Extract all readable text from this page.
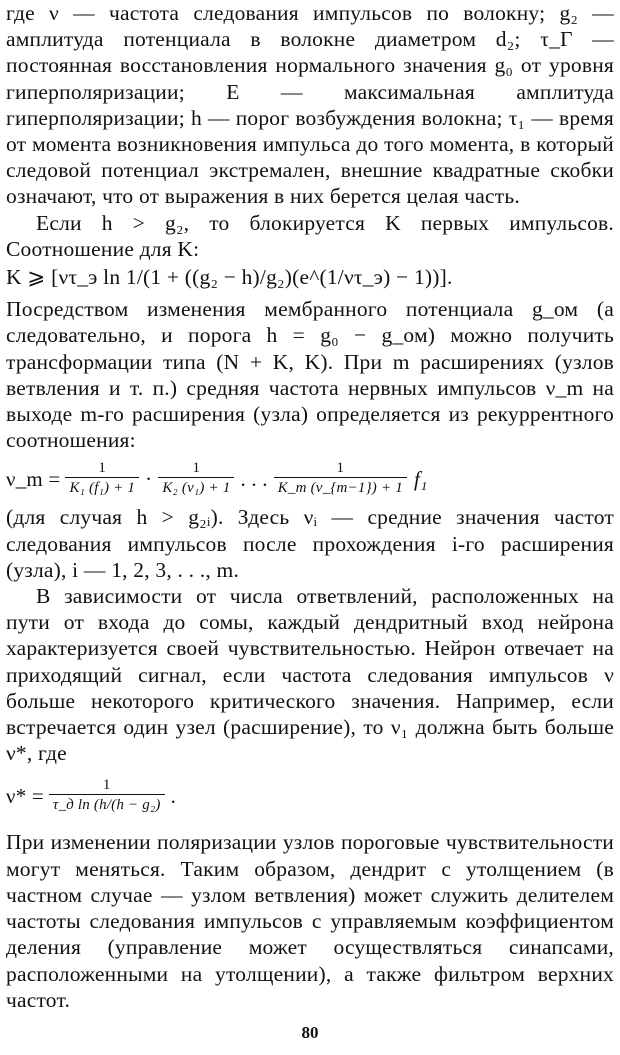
где ν — частота следования импульсов по волокну; g₂ — амплитуда потенциала в волокне диаметром d₂; τ_Г — постоянная восстановления нормального значения g₀ от уровня гиперполяризации; E — максимальная амплитуда гиперполяризации; h — порог возбуждения волокна; τ₁ — время от момента возникновения импульса до того момента, в который следовой потенциал экстремален, внешние квадратные скобки означают, что от выражения в них берется целая часть.

Если h > g₂, то блокируется K первых импульсов. Соотношение для K:

K ⩾ [ντ_э ln 1/(1 + ((g₂ − h)/g₂)(e^(1/ντ_э) − 1))].

Посредством изменения мембранного потенциала g_ом (а следовательно, и порога h = g₀ − g_ом) можно получить трансформации типа (N + K, K). При m расширениях (узлов ветвления и т. п.) средняя частота нервных импульсов ν_m на выходе m-го расширения (узла) определяется из рекуррентного соотношения:

ν_m = $\frac{1}{\text{K₁ (f₁) + 1}} \cdot \frac{1}{\text{K₂ (ν₁) + 1}}$ . . . $\frac{1}{K\_m (\nu\_\{m-1\}) + 1} f_1$

(для случая h > g₂ᵢ). Здесь νᵢ — средние значения частот следования импульсов после прохождения i-го расширения (узла), i — 1, 2, 3, . . ., m.

В зависимости от числа ответвлений, расположенных на пути от входа до сомы, каждый дендритный вход нейрона характеризуется своей чувствительностью. Нейрон отвечает на приходящий сигнал, если частота следования импульсов ν больше некоторого критического значения. Например, если встречается один узел (расширение), то ν₁ должна быть больше ν*, где

$\nu* = \frac{1}{\text{τ\_д ln (h/(h − g₂)}}$ .

При изменении поляризации узлов пороговые чувствительности могут меняться. Таким образом, дендрит с утолщением (в частном случае — узлом ветвления) может служить делителем частоты следования импульсов с управляемым коэффициентом деления (управление может осуществляться синапсами, расположенными на утолщении), а также фильтром верхних частот.

80
